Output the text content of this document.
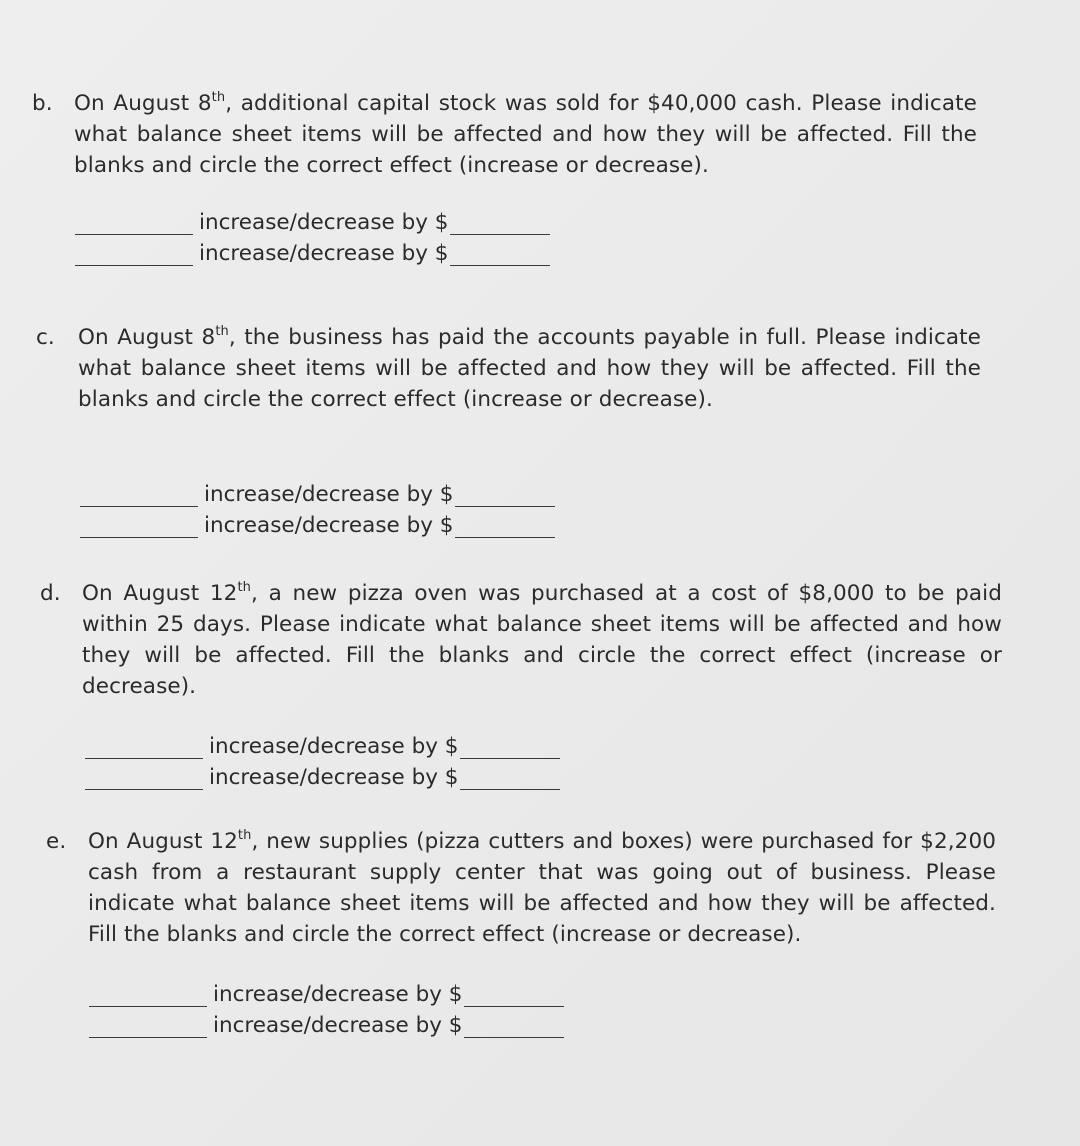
b. On August 8th, additional capital stock was sold for $40,000 cash. Please indicate what balance sheet items will be affected and how they will be affected. Fill the blanks and circle the correct effect (increase or decrease).
increase/decrease by $
increase/decrease by $
c. On August 8th, the business has paid the accounts payable in full. Please indicate what balance sheet items will be affected and how they will be affected. Fill the blanks and circle the correct effect (increase or decrease).
increase/decrease by $
increase/decrease by $
d. On August 12th, a new pizza oven was purchased at a cost of $8,000 to be paid within 25 days. Please indicate what balance sheet items will be affected and how they will be affected. Fill the blanks and circle the correct effect (increase or decrease).
increase/decrease by $
increase/decrease by $
e. On August 12th, new supplies (pizza cutters and boxes) were purchased for $2,200 cash from a restaurant supply center that was going out of business. Please indicate what balance sheet items will be affected and how they will be affected. Fill the blanks and circle the correct effect (increase or decrease).
increase/decrease by $
increase/decrease by $
